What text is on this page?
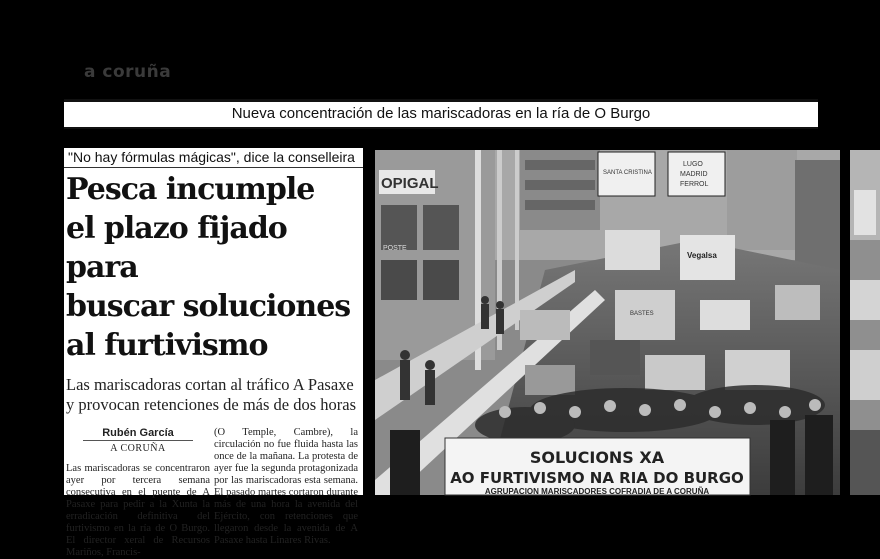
a coruña
Nueva concentración de las mariscadoras en la ría de O Burgo
"No hay fórmulas mágicas", dice la conselleira
Pesca incumple
el plazo fijado para
buscar soluciones
al furtivismo
Las mariscadoras cortan al tráfico A Pasaxe y provocan retenciones de más de dos horas
Rubén García
A CORUÑA

Las mariscadoras se concentraron ayer por tercera semana consecutiva en el puente de A Pasaxe para pedir a la Xunta la erradicación definitiva del furtivismo en la ría de O Burgo. El director xeral de Recursos Mariños, Francis-

(O Temple, Cambre), la circulación no fue fluida hasta las once de la mañana. La protesta de ayer fue la segunda protagonizada por las mariscadoras esta semana. El pasado martes cortaron durante más de una hora la avenida del Ejército, con retenciones que llegaron desde la avenida de A Pasaxe hasta Linares Rivas.

OPIGAL
POSTE
SANTA CRISTINA
LUGO
MADRID
FERROL
Vegalsa
BASTES
SOLUCIONS XA
AO FURTIVISMO NA RIA DO BURGO
AGRUPACION MARISCADORES COFRADIA DE A CORUÑA
